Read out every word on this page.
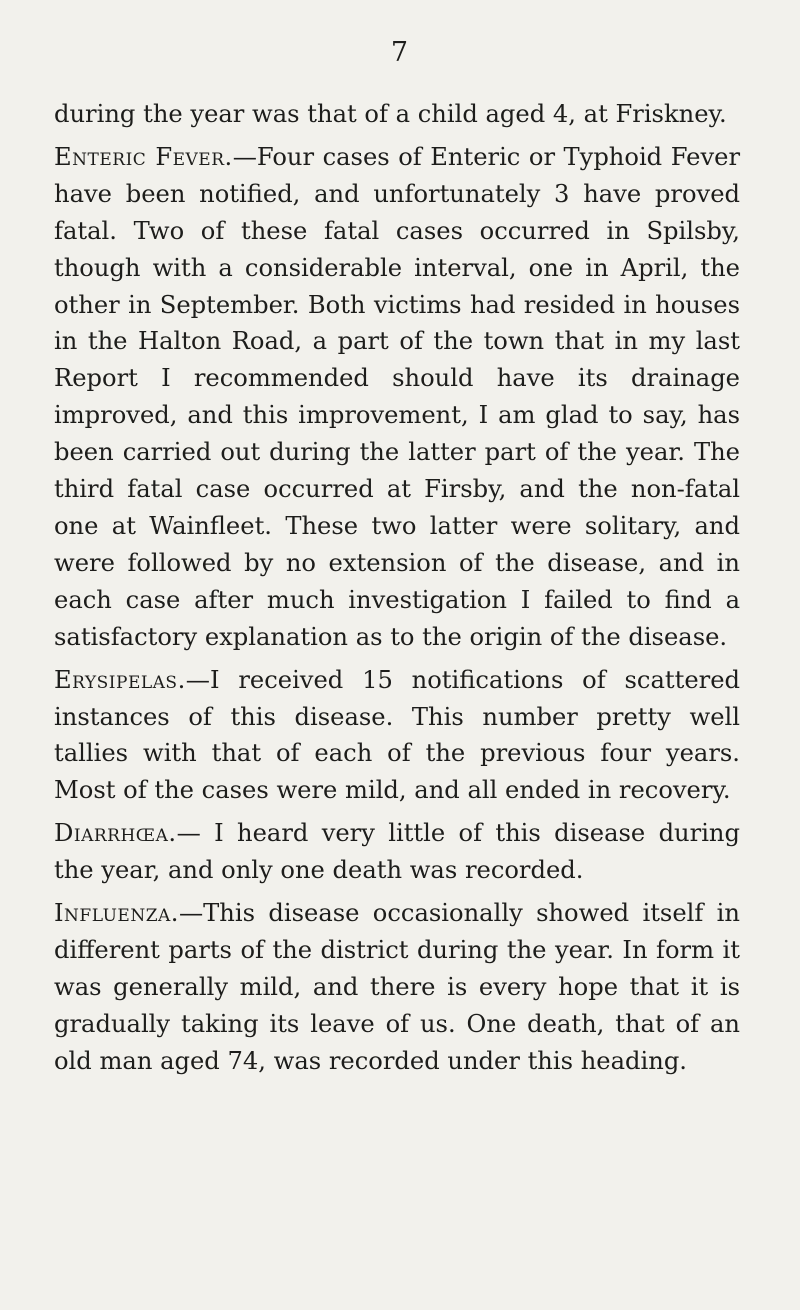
7

during the year was that of a child aged 4, at Friskney.

Enteric Fever.—Four cases of Enteric or Typhoid Fever have been notified, and unfortunately 3 have proved fatal. Two of these fatal cases occurred in Spilsby, though with a considerable interval, one in April, the other in September. Both victims had resided in houses in the Halton Road, a part of the town that in my last Report I recommended should have its drainage improved, and this improvement, I am glad to say, has been carried out during the latter part of the year. The third fatal case occurred at Firsby, and the non-fatal one at Wainfleet. These two latter were solitary, and were followed by no extension of the disease, and in each case after much investigation I failed to find a satisfactory explanation as to the origin of the disease.

Erysipelas.—I received 15 notifications of scattered instances of this disease. This number pretty well tallies with that of each of the previous four years. Most of the cases were mild, and all ended in recovery.

Diarrhœa.— I heard very little of this disease during the year, and only one death was recorded.

Influenza.—This disease occasionally showed itself in different parts of the district during the year. In form it was generally mild, and there is every hope that it is gradually taking its leave of us. One death, that of an old man aged 74, was recorded under this heading.
